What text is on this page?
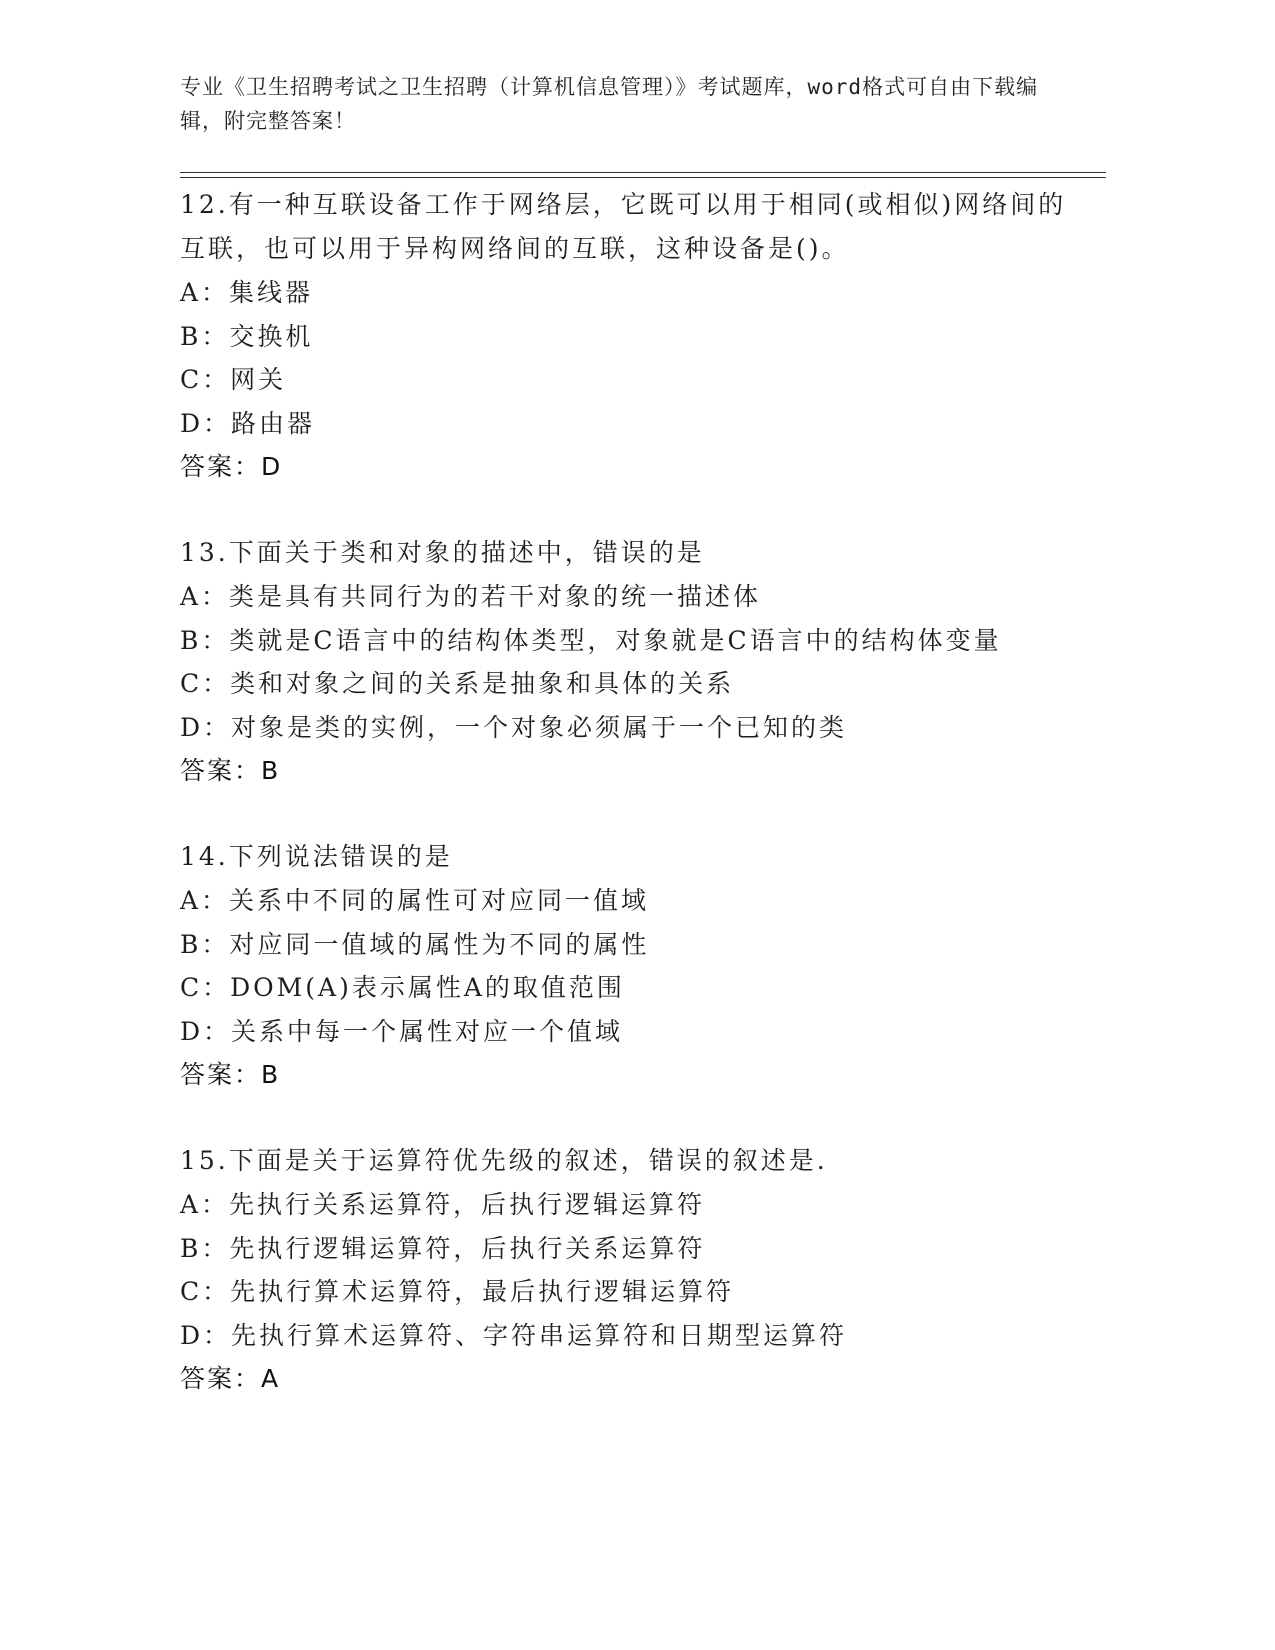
专业《卫生招聘考试之卫生招聘（计算机信息管理）》考试题库，word格式可自由下载编辑，附完整答案！
12.有一种互联设备工作于网络层，它既可以用于相同(或相似)网络间的互联，也可以用于异构网络间的互联，这种设备是()。
A：集线器
B：交换机
C：网关
D：路由器
答案：D
13.下面关于类和对象的描述中，错误的是
A：类是具有共同行为的若干对象的统一描述体
B：类就是C语言中的结构体类型，对象就是C语言中的结构体变量
C：类和对象之间的关系是抽象和具体的关系
D：对象是类的实例，一个对象必须属于一个已知的类
答案：B
14.下列说法错误的是
A：关系中不同的属性可对应同一值域
B：对应同一值域的属性为不同的属性
C：DOM(A)表示属性A的取值范围
D：关系中每一个属性对应一个值域
答案：B
15.下面是关于运算符优先级的叙述，错误的叙述是.
A：先执行关系运算符，后执行逻辑运算符
B：先执行逻辑运算符，后执行关系运算符
C：先执行算术运算符，最后执行逻辑运算符
D：先执行算术运算符、字符串运算符和日期型运算符
答案：A
